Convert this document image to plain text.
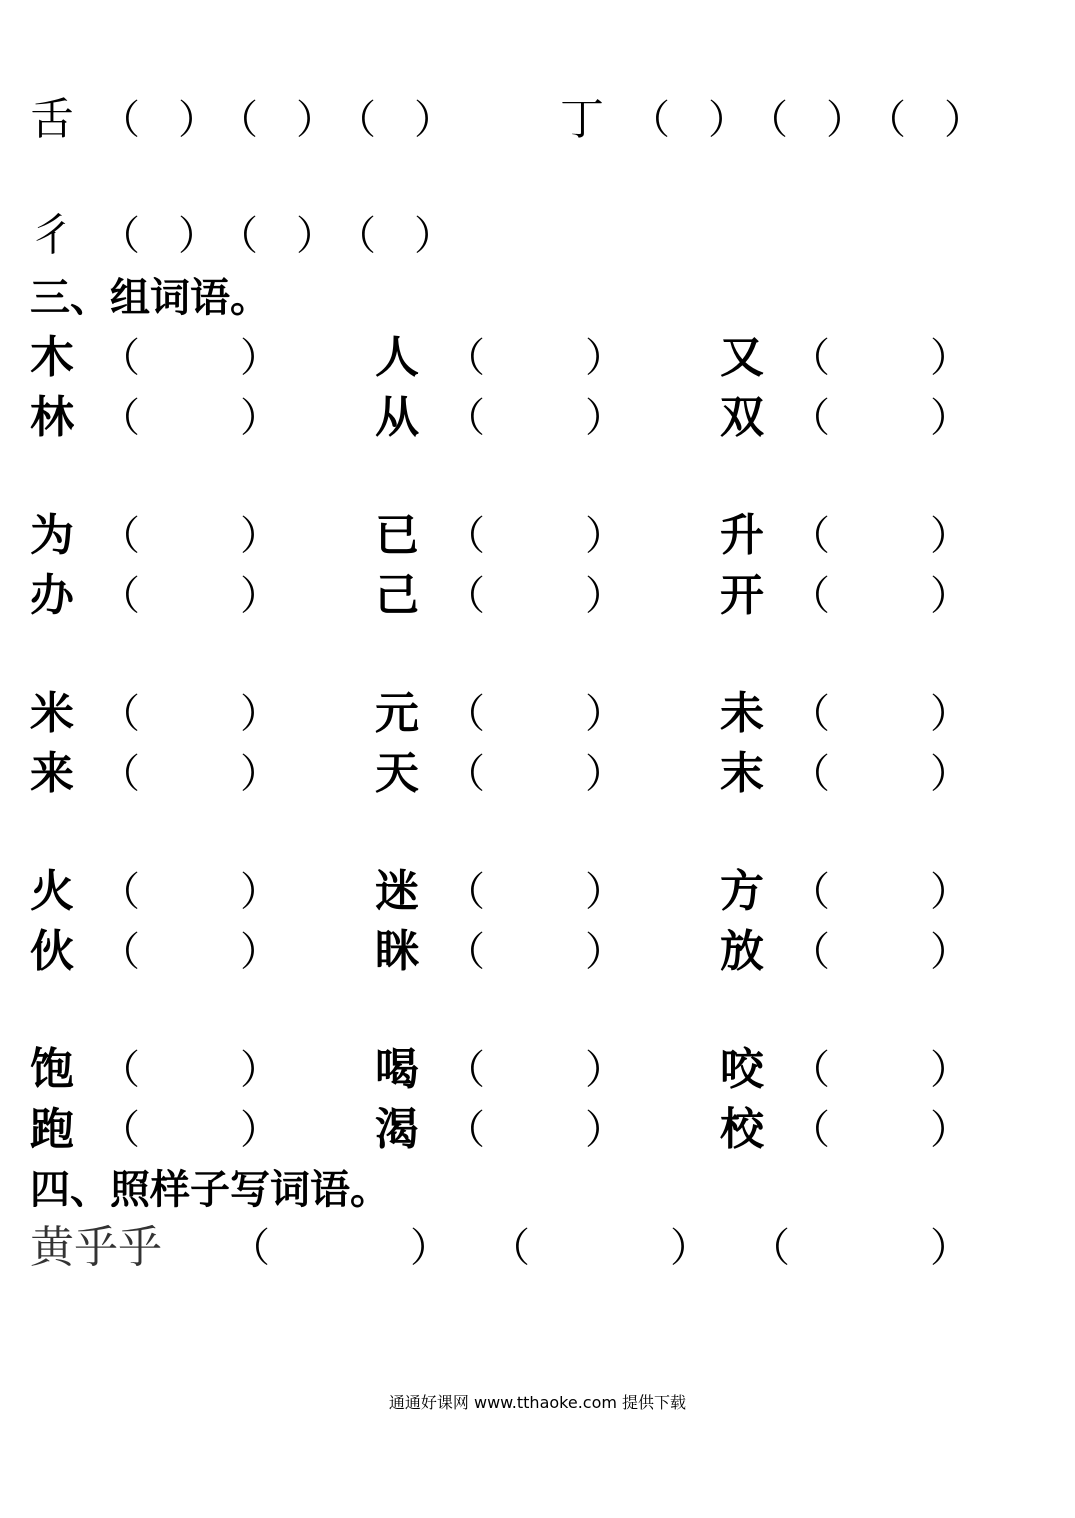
舌 （ ） （ ） （ ） 丁 （ ） （ ） （ ）
彳 （ ） （ ） （ ）
三、组词语。
木 （	） 人 （	） 又 （	）
林 （	） 从 （	） 双 （	）
为 （	） 已 （	） 升 （	）
办 （	） 己 （	） 开 （	）
米 （	） 元 （	） 未 （	）
来 （	） 天 （	） 末 （	）
火 （	） 迷 （	） 方 （	）
伙 （	） 眯 （	） 放 （	）
饱 （	） 喝 （	） 咬 （	）
跑 （	） 渴 （	） 校 （	）
四、照样子写词语。
黄乎乎	（	） （	） （	）
通通好课网 www.tthaoke.com 提供下载
